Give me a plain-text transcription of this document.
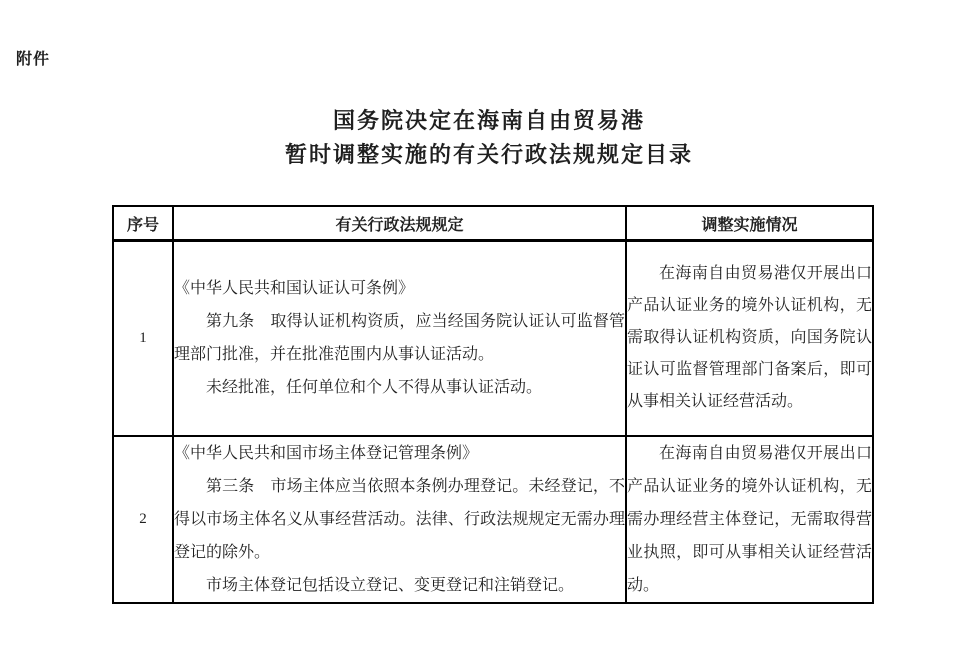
附件
国务院决定在海南自由贸易港
暂时调整实施的有关行政法规规定目录
序号	有关行政法规规定	调整实施情况
1	《中华人民共和国认证认可条例》

第九条　取得认证机构资质，应当经国务院认证认可监督管理部门批准，并在批准范围内从事认证活动。

未经批准，任何单位和个人不得从事认证活动。	在海南自由贸易港仅开展出口产品认证业务的境外认证机构，无需取得认证机构资质，向国务院认证认可监督管理部门备案后，即可从事相关认证经营活动。

2	《中华人民共和国市场主体登记管理条例》

第三条　市场主体应当依照本条例办理登记。未经登记，不得以市场主体名义从事经营活动。法律、行政法规规定无需办理登记的除外。

市场主体登记包括设立登记、变更登记和注销登记。	在海南自由贸易港仅开展出口产品认证业务的境外认证机构，无需办理经营主体登记，无需取得营业执照，即可从事相关认证经营活动。
